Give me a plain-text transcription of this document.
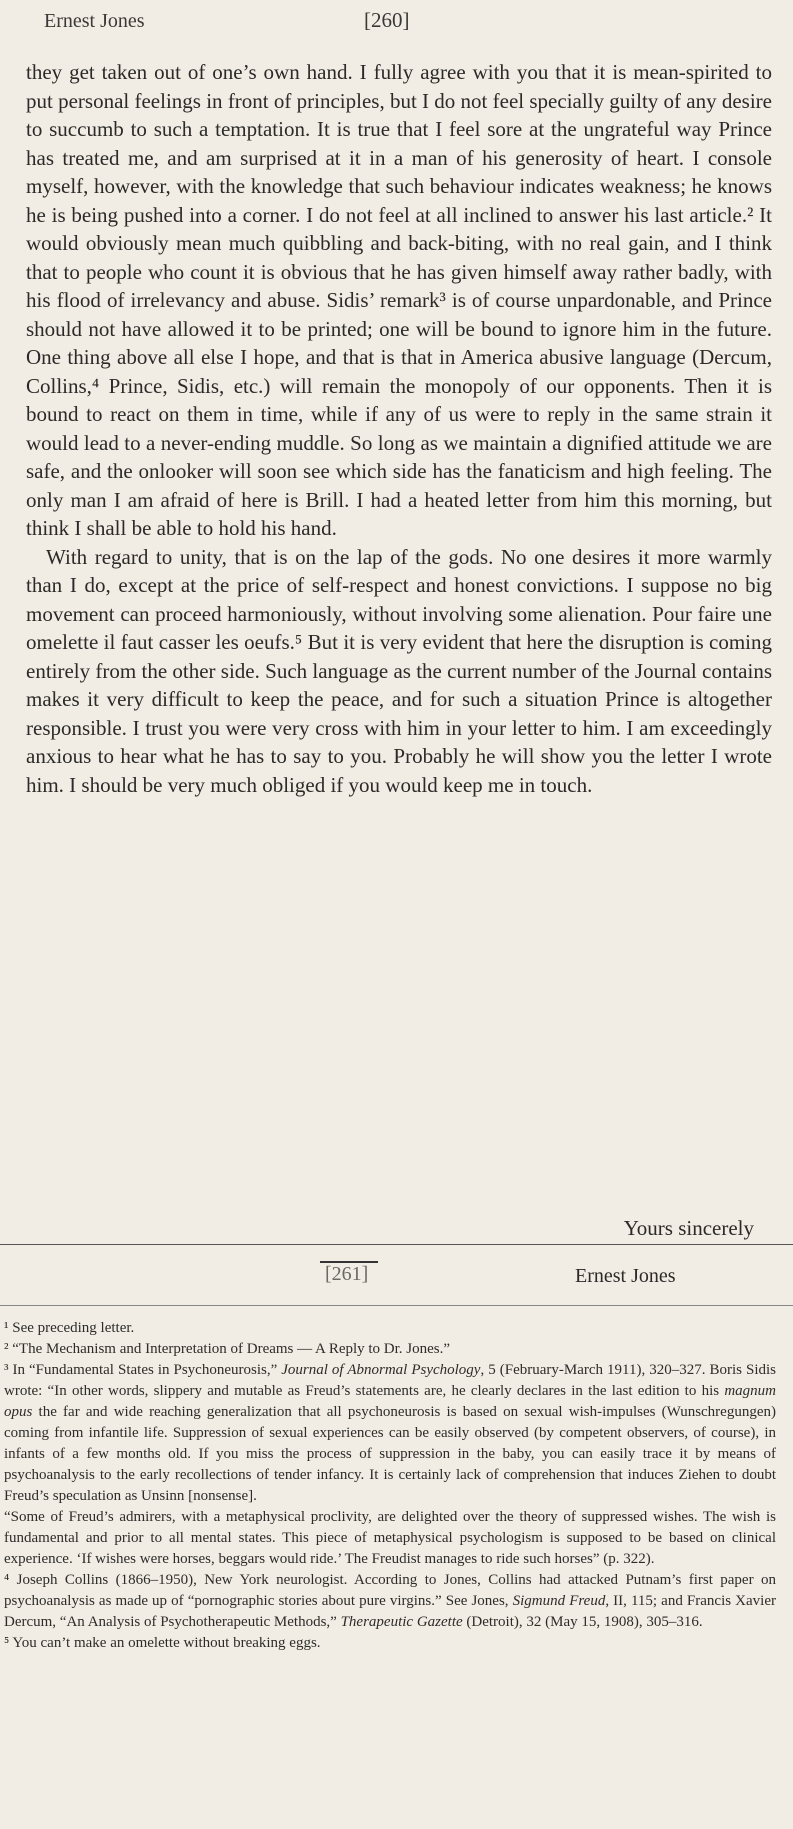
Ernest Jones	[260]

they get taken out of one’s own hand. I fully agree with you that it is mean-spirited to put personal feelings in front of principles, but I do not feel specially guilty of any desire to succumb to such a temptation. It is true that I feel sore at the ungrateful way Prince has treated me, and am surprised at it in a man of his generosity of heart. I console myself, however, with the knowledge that such behaviour indicates weakness; he knows he is being pushed into a corner. I do not feel at all inclined to answer his last article.² It would obviously mean much quibbling and back-biting, with no real gain, and I think that to people who count it is obvious that he has given himself away rather badly, with his flood of irrelevancy and abuse. Sidis’ remark³ is of course unpardonable, and Prince should not have allowed it to be printed; one will be bound to ignore him in the future. One thing above all else I hope, and that is that in America abusive language (Dercum, Collins,⁴ Prince, Sidis, etc.) will remain the monopoly of our opponents. Then it is bound to react on them in time, while if any of us were to reply in the same strain it would lead to a never-ending muddle. So long as we maintain a dignified attitude we are safe, and the onlooker will soon see which side has the fanaticism and high feeling. The only man I am afraid of here is Brill. I had a heated letter from him this morning, but think I shall be able to hold his hand.

With regard to unity, that is on the lap of the gods. No one desires it more warmly than I do, except at the price of self-respect and honest convictions. I suppose no big movement can proceed harmoniously, without involving some alienation. Pour faire une omelette il faut casser les oeufs.⁵ But it is very evident that here the disruption is coming entirely from the other side. Such language as the current number of the Journal contains makes it very difficult to keep the peace, and for such a situation Prince is altogether responsible. I trust you were very cross with him in your letter to him. I am exceedingly anxious to hear what he has to say to you. Probably he will show you the letter I wrote him. I should be very much obliged if you would keep me in touch.

Yours sincerely
[261]	Ernest Jones

¹ See preceding letter.

² “The Mechanism and Interpretation of Dreams — A Reply to Dr. Jones.”

³ In “Fundamental States in Psychoneurosis,” Journal of Abnormal Psychology, 5 (February-March 1911), 320–327. Boris Sidis wrote: “In other words, slippery and mutable as Freud’s statements are, he clearly declares in the last edition to his magnum opus the far and wide reaching generalization that all psychoneurosis is based on sexual wish-impulses (Wunschregungen) coming from infantile life. Suppression of sexual experiences can be easily observed (by competent observers, of course), in infants of a few months old. If you miss the process of suppression in the baby, you can easily trace it by means of psychoanalysis to the early recollections of tender infancy. It is certainly lack of comprehension that induces Ziehen to doubt Freud’s speculation as Unsinn [nonsense].

“Some of Freud’s admirers, with a metaphysical proclivity, are delighted over the theory of suppressed wishes. The wish is fundamental and prior to all mental states. This piece of metaphysical psychologism is supposed to be based on clinical experience. ‘If wishes were horses, beggars would ride.’ The Freudist manages to ride such horses” (p. 322).

⁴ Joseph Collins (1866–1950), New York neurologist. According to Jones, Collins had attacked Putnam’s first paper on psychoanalysis as made up of “pornographic stories about pure virgins.” See Jones, Sigmund Freud, II, 115; and Francis Xavier Dercum, “An Analysis of Psychotherapeutic Methods,” Therapeutic Gazette (Detroit), 32 (May 15, 1908), 305–316.

⁵ You can’t make an omelette without breaking eggs.
